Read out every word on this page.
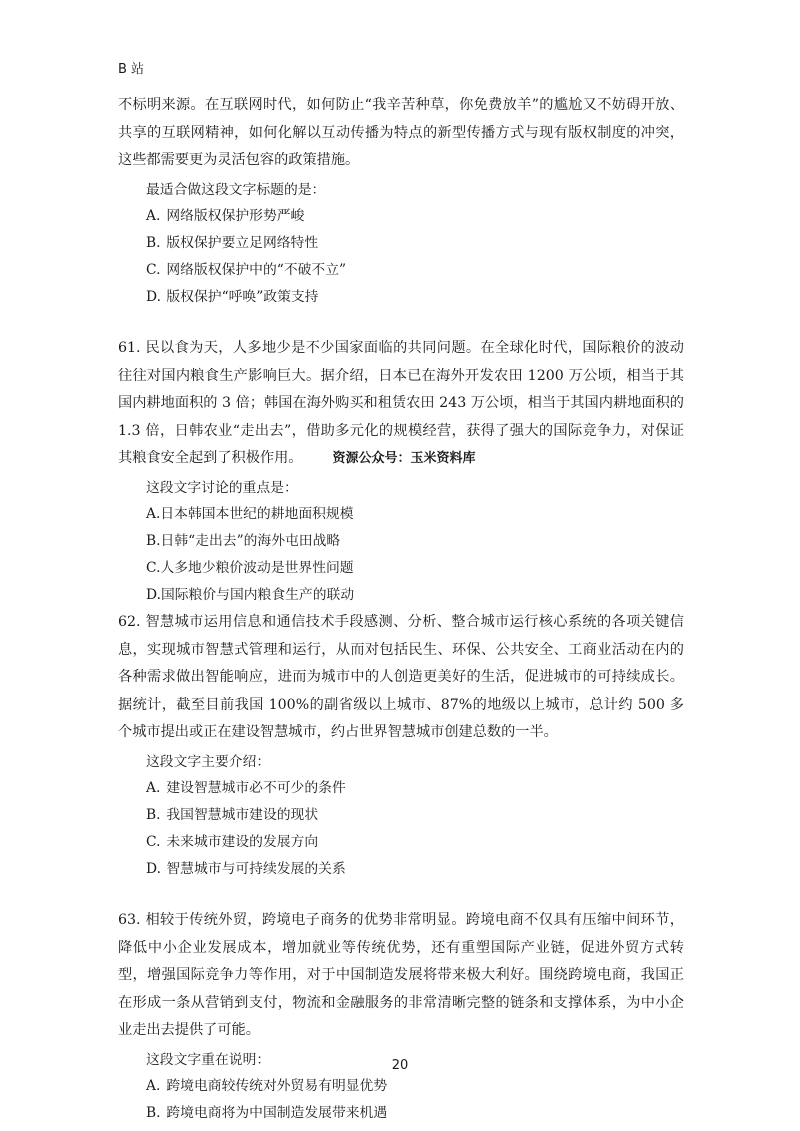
B 站

不标明来源。在互联网时代，如何防止“我辛苦种草，你免费放羊”的尴尬又不妨碍开放、共享的互联网精神，如何化解以互动传播为特点的新型传播方式与现有版权制度的冲突，这些都需要更为灵活包容的政策措施。

最适合做这段文字标题的是：
A. 网络版权保护形势严峻
B. 版权保护要立足网络特性
C. 网络版权保护中的“不破不立”
D. 版权保护“呼唤”政策支持

61. 民以食为天，人多地少是不少国家面临的共同问题。在全球化时代，国际粮价的波动往往对国内粮食生产影响巨大。据介绍，日本已在海外开发农田 1200 万公顷，相当于其国内耕地面积的 3 倍；韩国在海外购买和租赁农田 243 万公顷，相当于其国内耕地面积的 1.3 倍，日韩农业“走出去”，借助多元化的规模经营，获得了强大的国际竞争力，对保证其粮食安全起到了积极作用。 资源公众号：玉米资料库

这段文字讨论的重点是：
A.日本韩国本世纪的耕地面积规模
B.日韩“走出去”的海外屯田战略
C.人多地少粮价波动是世界性问题
D.国际粮价与国内粮食生产的联动

62. 智慧城市运用信息和通信技术手段感测、分析、整合城市运行核心系统的各项关键信息，实现城市智慧式管理和运行，从而对包括民生、环保、公共安全、工商业活动在内的各种需求做出智能响应，进而为城市中的人创造更美好的生活，促进城市的可持续成长。据统计，截至目前我国 100%的副省级以上城市、87%的地级以上城市，总计约 500 多个城市提出或正在建设智慧城市，约占世界智慧城市创建总数的一半。

这段文字主要介绍：
A. 建设智慧城市必不可少的条件
B. 我国智慧城市建设的现状
C. 未来城市建设的发展方向
D. 智慧城市与可持续发展的关系

63. 相较于传统外贸，跨境电子商务的优势非常明显。跨境电商不仅具有压缩中间环节，降低中小企业发展成本，增加就业等传统优势，还有重塑国际产业链，促进外贸方式转型，增强国际竞争力等作用，对于中国制造发展将带来极大利好。围绕跨境电商，我国正在形成一条从营销到支付，物流和金融服务的非常清晰完整的链条和支撑体系，为中小企业走出去提供了可能。

这段文字重在说明：
A. 跨境电商较传统对外贸易有明显优势
B. 跨境电商将为中国制造发展带来机遇
20
